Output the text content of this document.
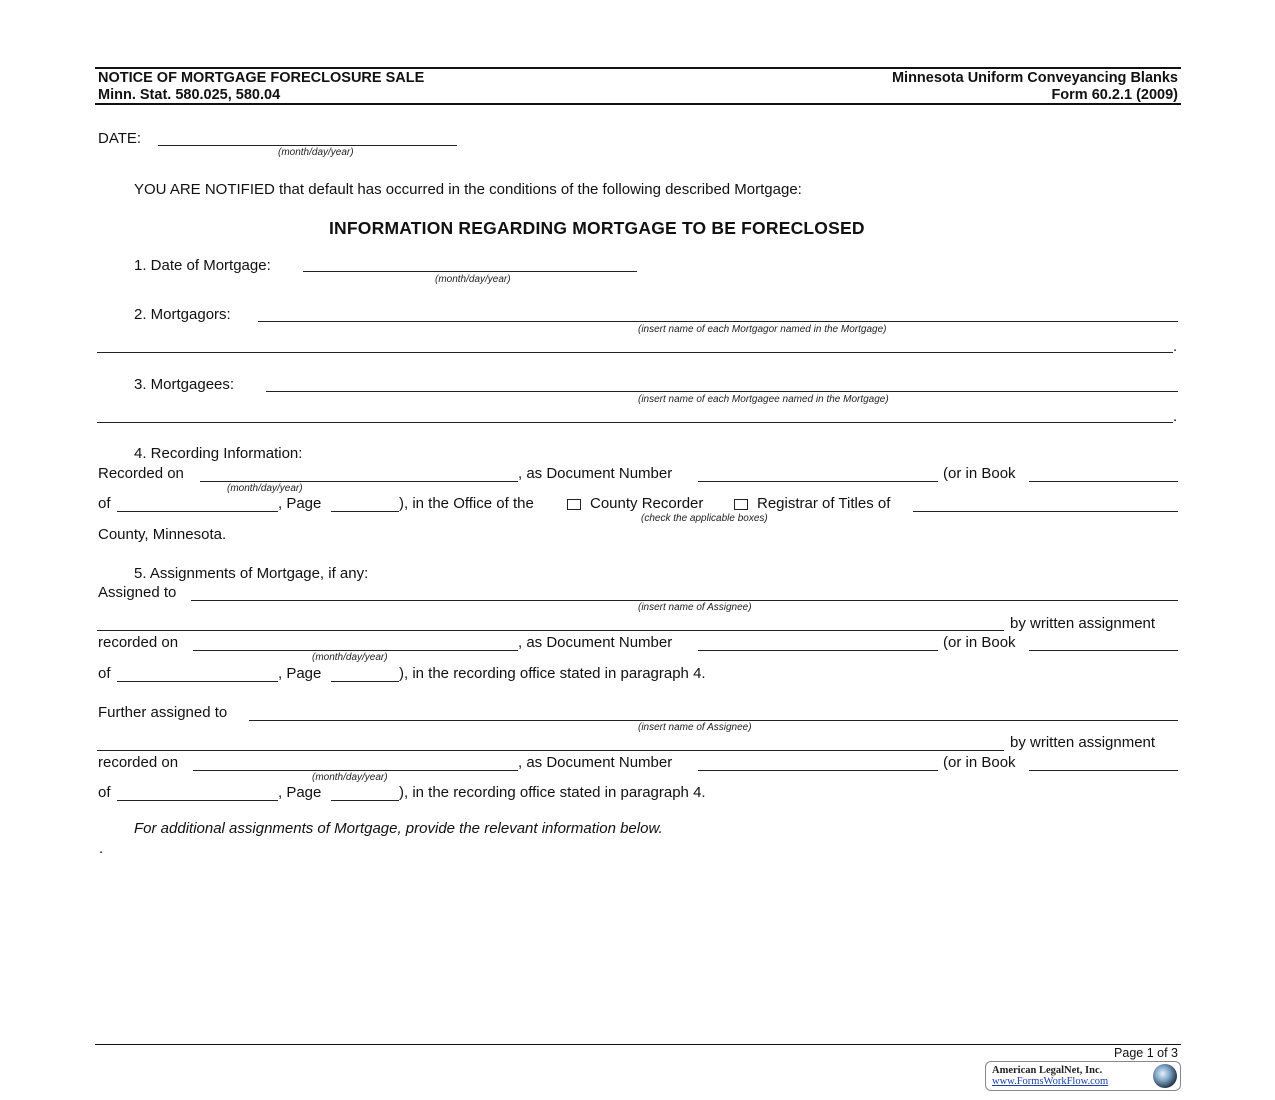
NOTICE OF MORTGAGE FORECLOSURE SALE
Minn. Stat. 580.025, 580.04
Minnesota Uniform Conveyancing Blanks
Form 60.2.1 (2009)
DATE:
(month/day/year)
YOU ARE NOTIFIED that default has occurred in the conditions of the following described Mortgage:
INFORMATION REGARDING MORTGAGE TO BE FORECLOSED
1. Date of Mortgage:
(month/day/year)
2. Mortgagors:
(insert name of each Mortgagor named in the Mortgage)
.
3. Mortgagees:
(insert name of each Mortgagee named in the Mortgage)
.
4. Recording Information:
Recorded on
(month/day/year)
, as Document Number	(or in Book
of	, Page	), in the Office of the	County Recorder	Registrar of Titles of
(check the applicable boxes)
County, Minnesota.
5. Assignments of Mortgage, if any:
Assigned to
(insert name of Assignee)
by written assignment
recorded on
(month/day/year)
, as Document Number	(or in Book
of	, Page	), in the recording office stated in paragraph 4.
Further assigned to
(insert name of Assignee)
by written assignment
recorded on
(month/day/year)
, as Document Number	(or in Book
of	, Page	), in the recording office stated in paragraph 4.
For additional assignments of Mortgage, provide the relevant information below.
.
Page 1 of 3
American LegalNet, Inc.
www.FormsWorkFlow.com
